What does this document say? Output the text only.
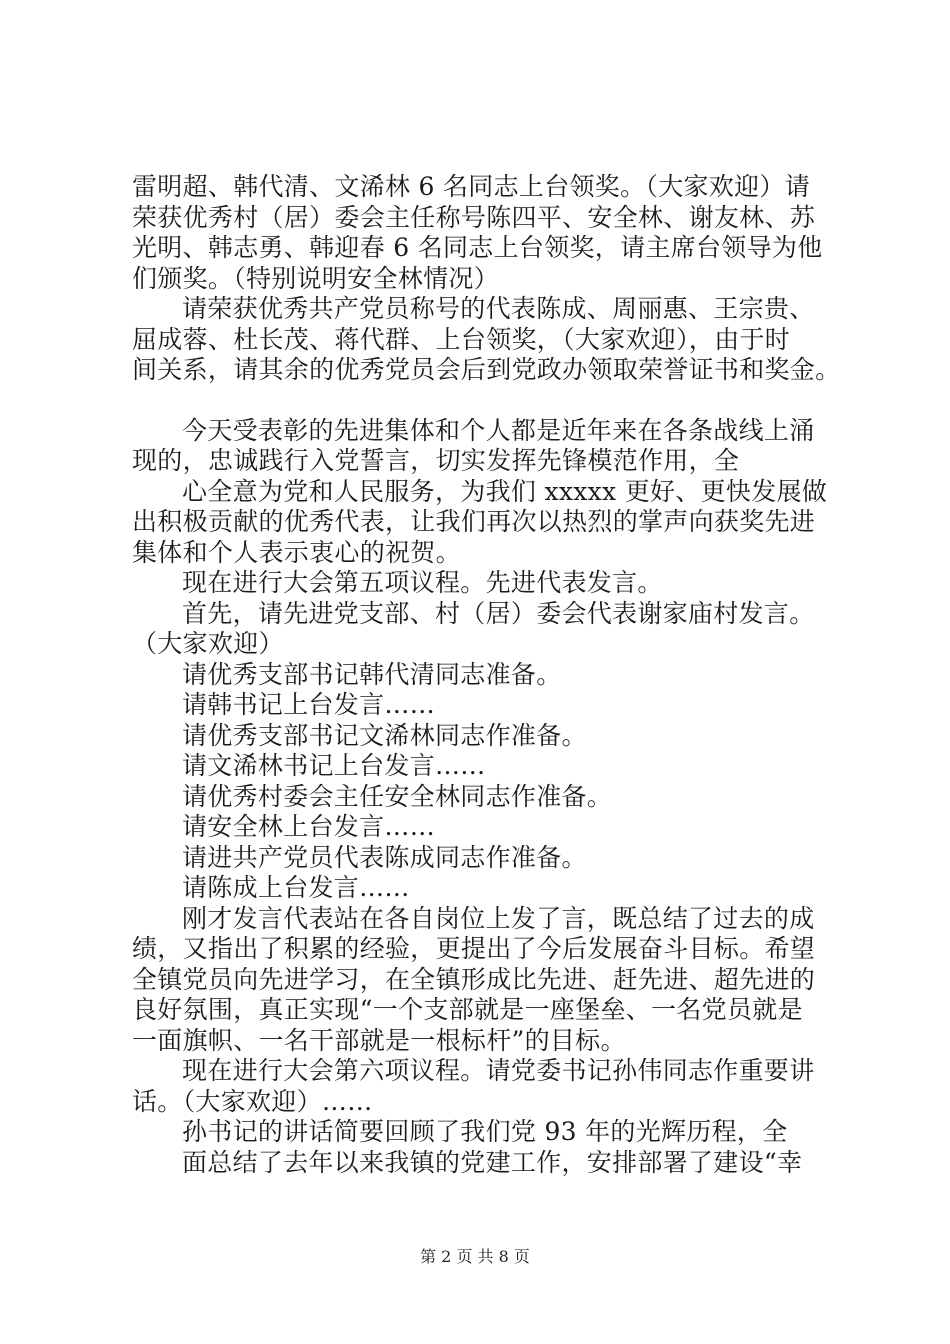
雷明超、韩代清、文浠林 6 名同志上台领奖。（大家欢迎）请
荣获优秀村（居）委会主任称号陈四平、安全林、谢友林、苏
光明、韩志勇、韩迎春 6 名同志上台领奖，请主席台领导为他
们颁奖。（特别说明安全林情况）

请荣获优秀共产党员称号的代表陈成、周丽惠、王宗贵、
屈成蓉、杜长茂、蒋代群、上台领奖，（大家欢迎），由于时
间关系，请其余的优秀党员会后到党政办领取荣誉证书和奖金。

今天受表彰的先进集体和个人都是近年来在各条战线上涌
现的，忠诚践行入党誓言，切实发挥先锋模范作用，全

心全意为党和人民服务，为我们 xxxxx 更好、更快发展做
出积极贡献的优秀代表，让我们再次以热烈的掌声向获奖先进
集体和个人表示衷心的祝贺。

现在进行大会第五项议程。先进代表发言。

首先，请先进党支部、村（居）委会代表谢家庙村发言。
（大家欢迎）

请优秀支部书记韩代清同志准备。

请韩书记上台发言……

请优秀支部书记文浠林同志作准备。

请文浠林书记上台发言……

请优秀村委会主任安全林同志作准备。

请安全林上台发言……

请进共产党员代表陈成同志作准备。

请陈成上台发言……

刚才发言代表站在各自岗位上发了言，既总结了过去的成
绩，又指出了积累的经验，更提出了今后发展奋斗目标。希望
全镇党员向先进学习，在全镇形成比先进、赶先进、超先进的
良好氛围，真正实现“一个支部就是一座堡垒、一名党员就是
一面旗帜、一名干部就是一根标杆”的目标。

现在进行大会第六项议程。请党委书记孙伟同志作重要讲
话。（大家欢迎）……

孙书记的讲话简要回顾了我们党 93 年的光辉历程，全

面总结了去年以来我镇的党建工作，安排部署了建设“幸

第 2 页 共 8 页
